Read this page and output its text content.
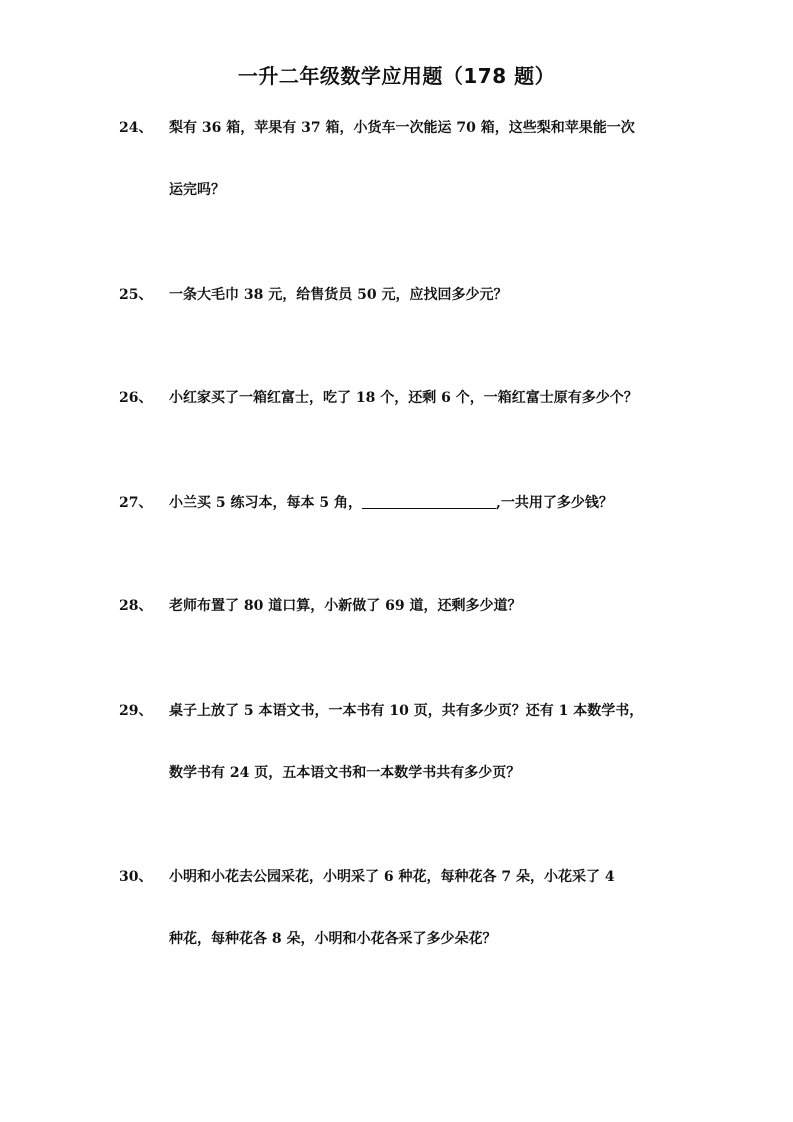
一升二年级数学应用题（178 题）
24、 梨有 36 箱，苹果有 37 箱，小货车一次能运 70 箱，这些梨和苹果能一次
运完吗？
25、 一条大毛巾 38 元，给售货员 50 元，应找回多少元？
26、 小红家买了一箱红富士，吃了 18 个，还剩 6 个，一箱红富士原有多少个？
27、 小兰买 5 练习本，每本 5 角，	,一共用了多少钱？
28、 老师布置了 80 道口算，小新做了 69 道，还剩多少道？
29、 桌子上放了 5 本语文书，一本书有 10 页，共有多少页？还有 1 本数学书，
数学书有 24 页，五本语文书和一本数学书共有多少页？
30、 小明和小花去公园采花，小明采了 6 种花，每种花各 7 朵，小花采了 4
种花，每种花各 8 朵，小明和小花各采了多少朵花？
